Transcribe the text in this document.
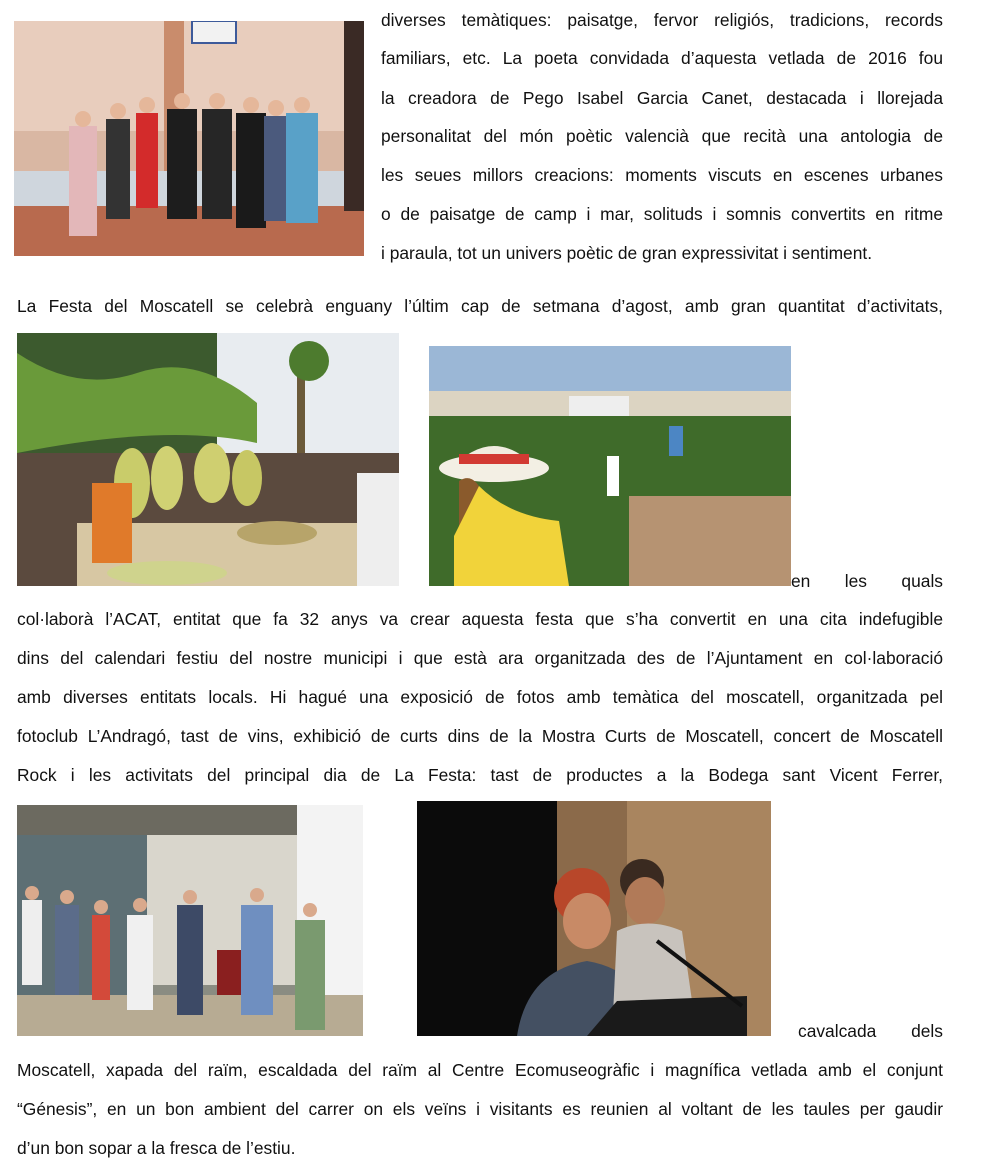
diverses temàtiques: paisatge, fervor religiós, tradicions, records
familiars, etc. La poeta convidada d’aquesta vetlada de 2016 fou
la creadora de Pego Isabel Garcia Canet, destacada i llorejada
personalitat del món poètic valencià que recità una antologia de
les seues millors creacions: moments viscuts en escenes urbanes
o de paisatge de camp i mar, solituds i somnis convertits en ritme
i paraula, tot un univers poètic de gran expressivitat i sentiment.
La Festa del Moscatell se celebrà enguany l’últim cap de setmana d’agost, amb gran quantitat d’activitats,
en les quals
col·laborà l’ACAT, entitat que fa 32 anys va crear aquesta festa que s’ha convertit en una cita indefugible
dins del calendari festiu del nostre municipi i que està ara organitzada des de l’Ajuntament en col·laboració
amb diverses entitats locals. Hi hagué una exposició de fotos amb temàtica del moscatell, organitzada pel
fotoclub L’Andragó, tast de vins, exhibició de curts dins de la Mostra Curts de Moscatell, concert de Moscatell
Rock i les activitats del principal dia de La Festa: tast de productes a la Bodega sant Vicent Ferrer,
cavalcada dels
Moscatell, xapada del raïm, escaldada del raïm al Centre Ecomuseogràfic i magnífica vetlada amb el conjunt
“Génesis”, en un bon ambient del carrer on els veïns i visitants es reunien al voltant de les taules per gaudir
d’un bon sopar a la fresca de l’estiu.
